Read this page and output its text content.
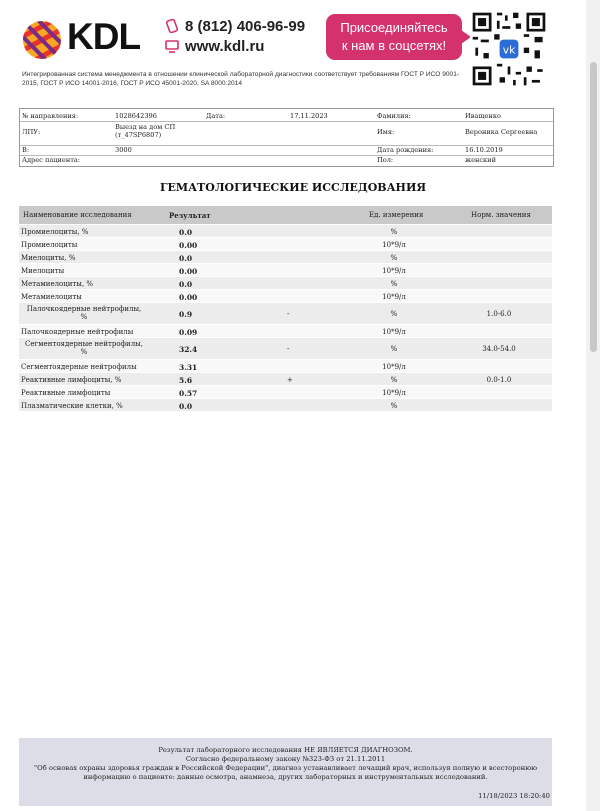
KDL	8 (812) 406-96-99
www.kdl.ru
Присоединяйтесь
к нам в соцсетях!	vk
Интегрированная система менеджмента в отношении клинической лабораторной диагностики соответствует требованиям ГОСТ Р ИСО 9001-2015, ГОСТ Р ИСО 14001-2016, ГОСТ Р ИСО 45001-2020, SA 8000:2014
№ направления:	1028642396	Дата:	17.11.2023	Фамилия:	Иващенко
ЛПУ:
Выезд на дом СП
(т_47SP6807)	Имя:	Вероника Сергеевна
В:	3000	Дата рождения:	16.10.2019
Адрес пациента:	Пол:	женский
ГЕМАТОЛОГИЧЕСКИЕ ИССЛЕДОВАНИЯ
Наименование исследования	Результат	Ед. измерения	Норм. значения
Промиелоциты, %	0.0	%
Промиелоциты	0.00	10*9/л
Миелоциты, %	0.0	%
Миелоциты	0.00	10*9/л
Метамиелоциты, %	0.0	%
Метамиелоциты	0.00	10*9/л
Палочкоядерные нейтрофилы,
%	0.9	-	%	1.0-6.0
Палочкоядерные нейтрофилы	0.09	10*9/л
Сегментоядерные нейтрофилы,
%	32.4	-	%	34.0-54.0
Сегментоядерные нейтрофилы	3.31	10*9/л
Реактивные лимфоциты, %	5.6	+	%	0.0-1.0
Реактивные лимфоциты	0.57	10*9/л
Плазматические клетки, %	0.0	%
Результат лабораторного исследования НЕ ЯВЛЯЕТСЯ ДИАГНОЗОМ.
Согласно федеральному закону №323-ФЗ от 21.11.2011
"Об основах охраны здоровья граждан в Российской Федерации", диагноз устанавливает лечащий врач, используя полную и всесторонюю
информацию о пациенте: данные осмотра, анамнеза, других лабораторных и инструментальных исследований.
11/18/2023 18:20:40
